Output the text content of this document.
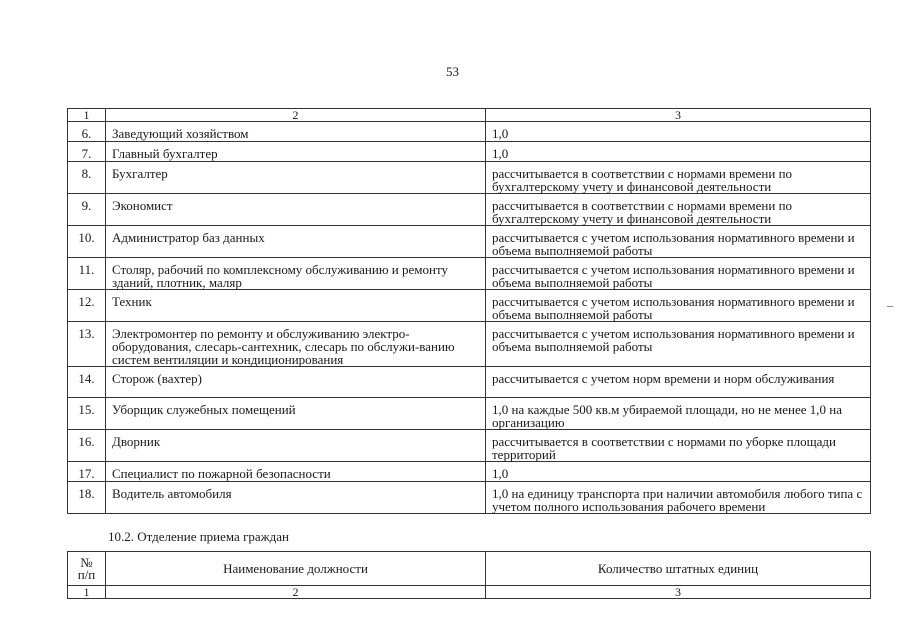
53
1	2	3
6.	Заведующий хозяйством	1,0
7.	Главный бухгалтер	1,0
8.	Бухгалтер	рассчитывается в соответствии с нормами времени по бухгалтерскому учету и финансовой деятельности
9.	Экономист	рассчитывается в соответствии с нормами времени по бухгалтерскому учету и финансовой деятельности
10.	Администратор баз данных	рассчитывается с учетом использования нормативного времени и объема выполняемой работы
11.	Столяр, рабочий по комплексному обслуживанию и ремонту зданий, плотник, маляр	рассчитывается с учетом использования нормативного времени и объема выполняемой работы
12.	Техник	рассчитывается с учетом использования нормативного времени и объема выполняемой работы
13.	Электромонтер по ремонту и обслуживанию электро-оборудования, слесарь-сантехник, слесарь по обслужи-ванию систем вентиляции и кондиционирования	рассчитывается с учетом использования нормативного времени и объема выполняемой работы
14.	Сторож (вахтер)	рассчитывается с учетом норм времени и норм обслуживания
15.	Уборщик служебных помещений	1,0 на каждые 500 кв.м убираемой площади, но не менее 1,0 на организацию
16.	Дворник	рассчитывается в соответствии с нормами по уборке площади территорий
17.	Специалист по пожарной безопасности	1,0
18.	Водитель автомобиля	1,0 на единицу транспорта при наличии автомобиля любого типа с учетом полного использования рабочего времени
10.2. Отделение приема граждан
№
п/п	Наименование должности	Количество штатных единиц
1	2	3
